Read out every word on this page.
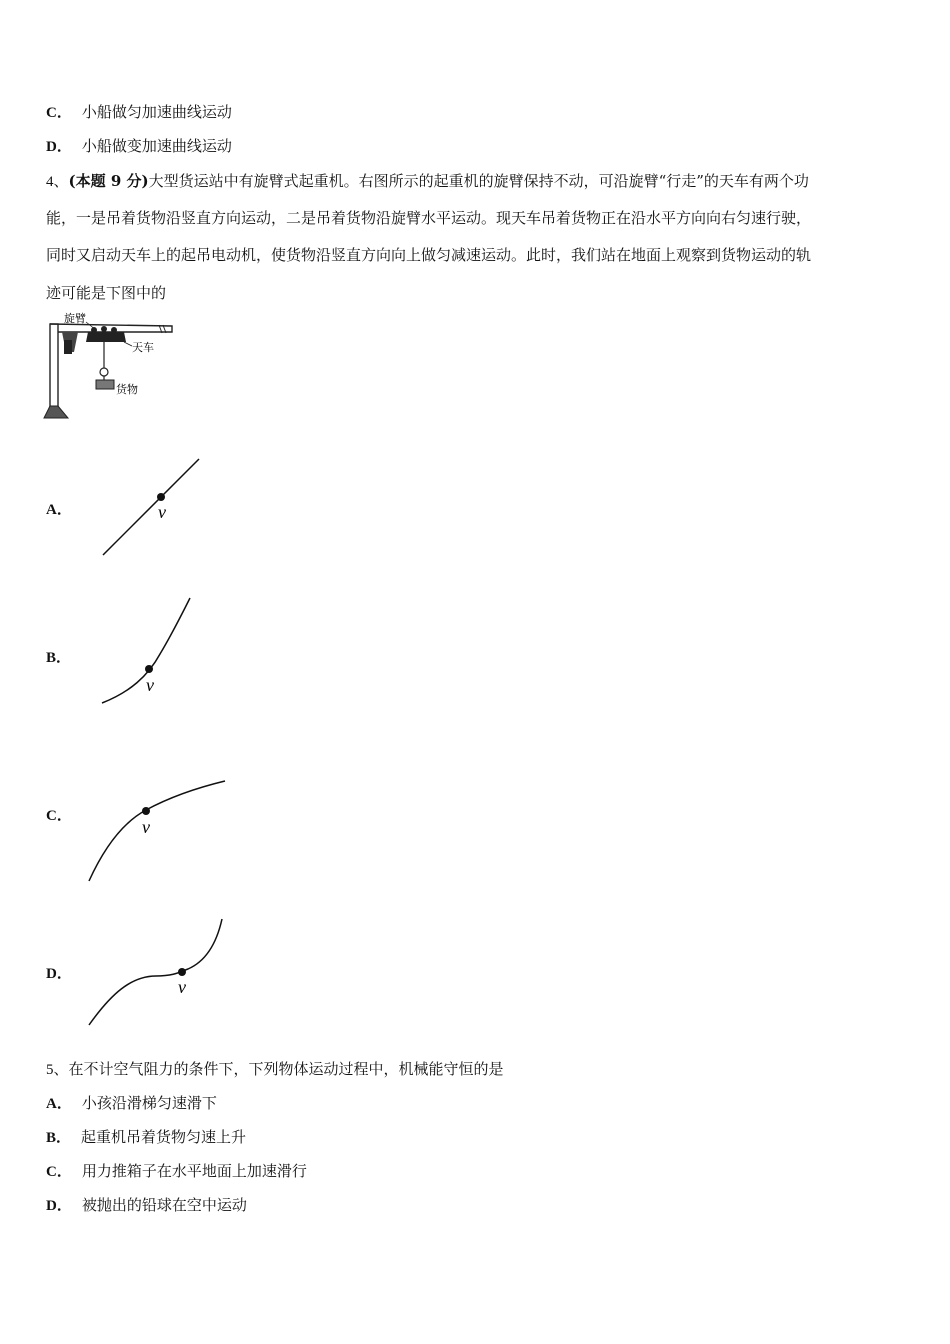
C． 小船做匀加速曲线运动
D． 小船做变加速曲线运动
4、(本题 9 分)大型货运站中有旋臂式起重机。右图所示的起重机的旋臂保持不动，可沿旋臂“行走”的天车有两个功
能，一是吊着货物沿竖直方向运动，二是吊着货物沿旋臂水平运动。现天车吊着货物正在沿水平方向向右匀速行驶，
同时又启动天车上的起吊电动机，使货物沿竖直方向向上做匀减速运动。此时，我们站在地面上观察到货物运动的轨
迹可能是下图中的
旋臂
天车
货物
A．	v
B．
v
C．
v
D．
v
5、在不计空气阻力的条件下，下列物体运动过程中，机械能守恒的是
A． 小孩沿滑梯匀速滑下
B． 起重机吊着货物匀速上升
C． 用力推箱子在水平地面上加速滑行
D． 被抛出的铅球在空中运动
